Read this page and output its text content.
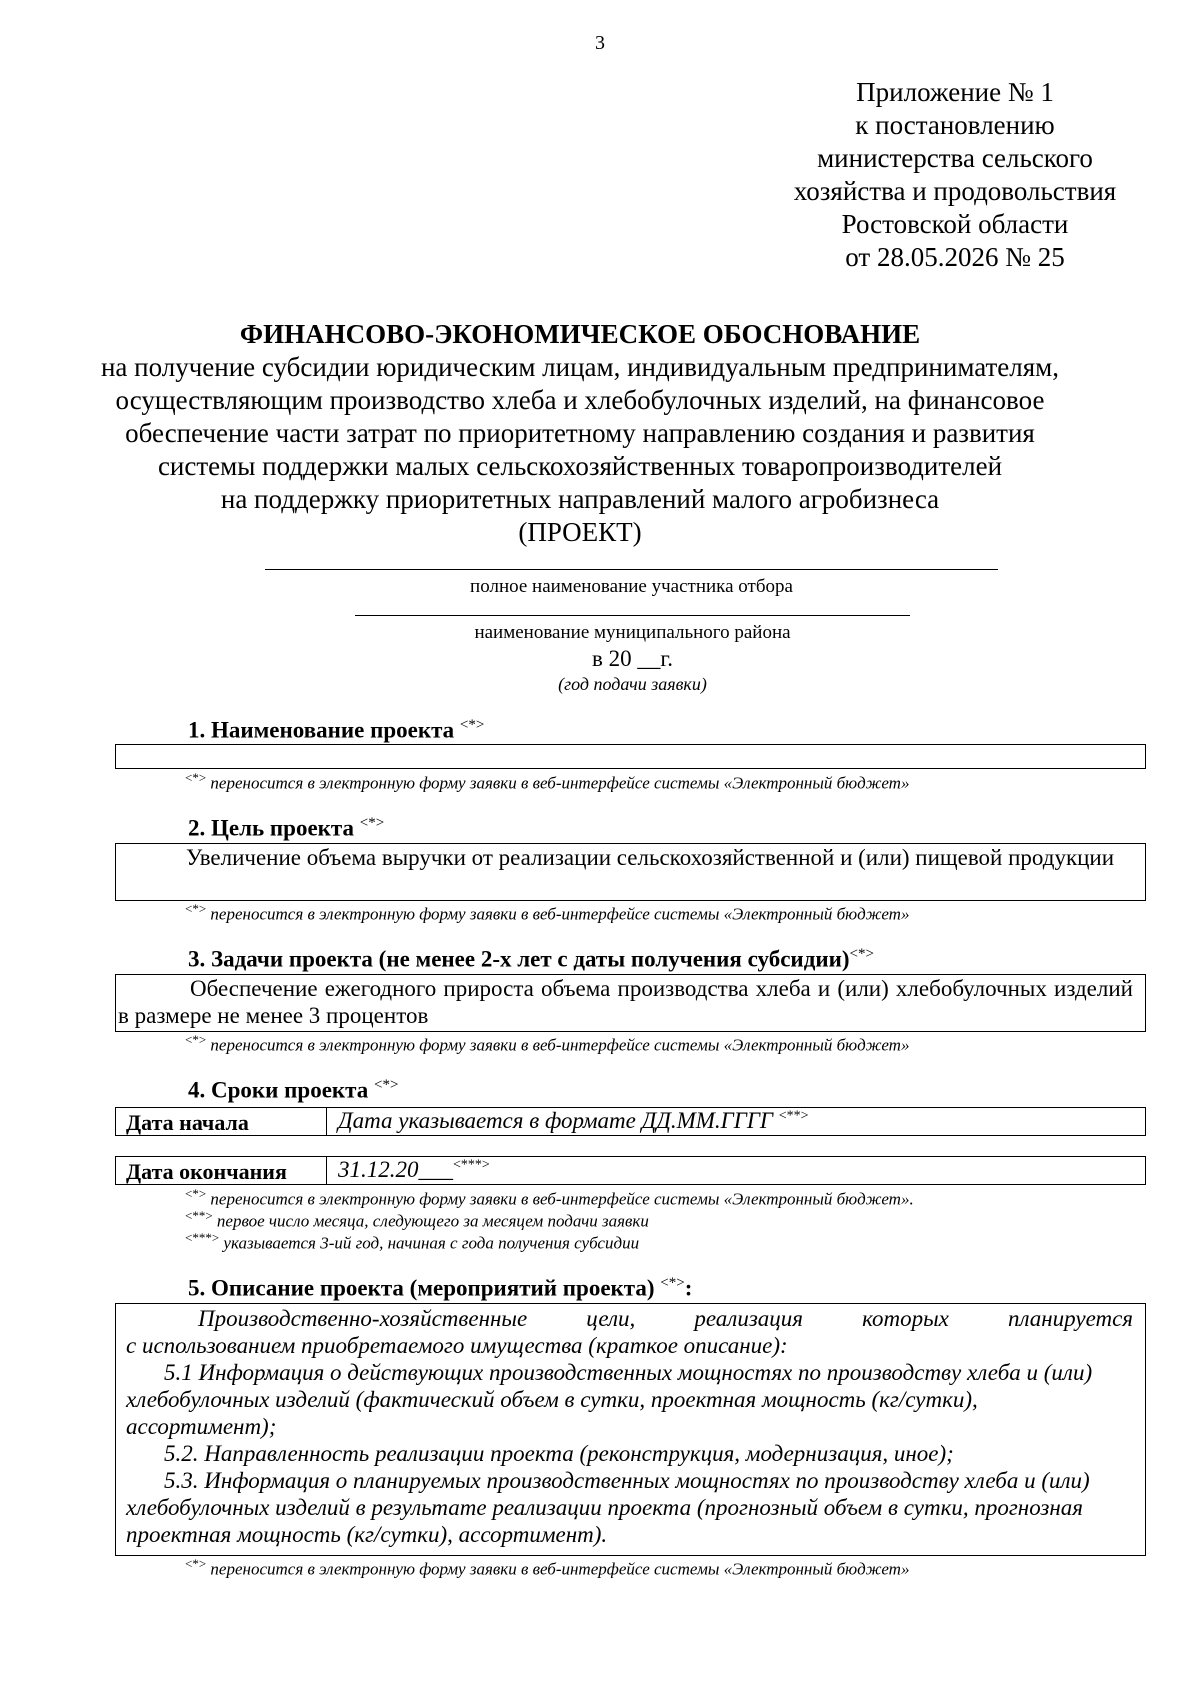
3
Приложение № 1
к постановлению
министерства сельского
хозяйства и продовольствия
Ростовской области
от 28.05.2026 № 25
ФИНАНСОВО-ЭКОНОМИЧЕСКОЕ ОБОСНОВАНИЕ
на получение субсидии юридическим лицам, индивидуальным предпринимателям,
осуществляющим производство хлеба и хлебобулочных изделий, на финансовое
обеспечение части затрат по приоритетному направлению создания и развития
системы поддержки малых сельскохозяйственных товаропроизводителей
на поддержку приоритетных направлений малого агробизнеса
(ПРОЕКТ)
полное наименование участника отбора
наименование муниципального района
в 20 __г.
(год подачи заявки)
1. Наименование проекта <*>
<*> переносится в электронную форму заявки в веб-интерфейсе системы «Электронный бюджет»
2. Цель проекта <*>
Увеличение объема выручки от реализации сельскохозяйственной и (или) пищевой продукции
<*> переносится в электронную форму заявки в веб-интерфейсе системы «Электронный бюджет»
3. Задачи проекта (не менее 2-х лет с даты получения субсидии)<*>
Обеспечение ежегодного прироста объема производства хлеба и (или) хлебобулочных изделий в размере не менее 3 процентов
<*> переносится в электронную форму заявки в веб-интерфейсе системы «Электронный бюджет»
4. Сроки проекта <*>
Дата начала	Дата указывается в формате ДД.ММ.ГГГГ <**>
Дата окончания 31.12.20___<***>
<*> переносится в электронную форму заявки в веб-интерфейсе системы «Электронный бюджет».
<**> первое число месяца, следующего за месяцем подачи заявки
<***> указывается 3-ий год, начиная с года получения субсидии
5. Описание проекта (мероприятий проекта) <*>:

Производственно-хозяйственные цели, реализация которых планируется

с использованием приобретаемого имущества (краткое описание):

5.1 Информация о действующих производственных мощностях по производству хлеба и (или) хлебобулочных изделий (фактический объем в сутки, проектная мощность (кг/сутки), ассортимент);

5.2. Направленность реализации проекта (реконструкция, модернизация, иное);

5.3. Информация о планируемых производственных мощностях по производству хлеба и (или) хлебобулочных изделий в результате реализации проекта (прогнозный объем в сутки, прогнозная проектная мощность (кг/сутки), ассортимент).

<*> переносится в электронную форму заявки в веб-интерфейсе системы «Электронный бюджет»
